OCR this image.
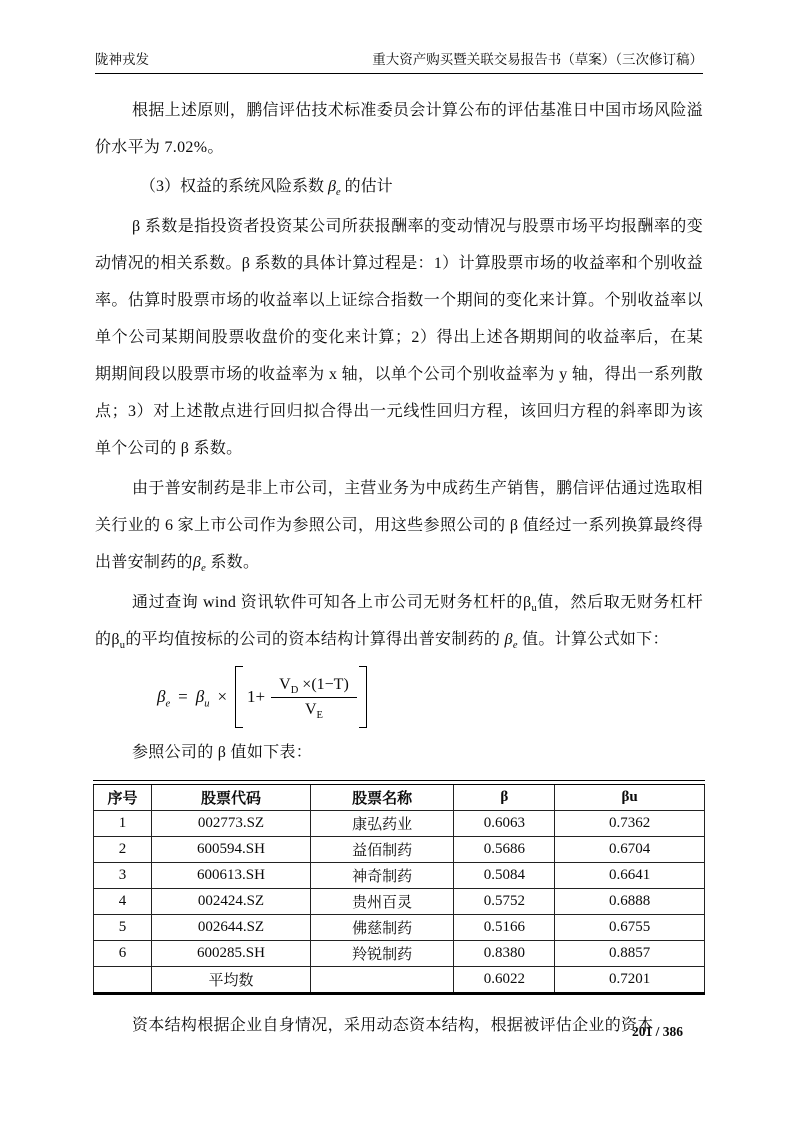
陇神戎发	重大资产购买暨关联交易报告书（草案）（三次修订稿）

根据上述原则，鹏信评估技术标准委员会计算公布的评估基准日中国市场风险溢价水平为 7.02%。

（3）权益的系统风险系数 $\beta_e$ 的估计

β 系数是指投资者投资某公司所获报酬率的变动情况与股票市场平均报酬率的变动情况的相关系数。β 系数的具体计算过程是：1）计算股票市场的收益率和个别收益率。估算时股票市场的收益率以上证综合指数一个期间的变化来计算。个别收益率以单个公司某期间股票收盘价的变化来计算；2）得出上述各期期间的收益率后，在某期期间段以股票市场的收益率为 x 轴，以单个公司个别收益率为 y 轴，得出一系列散点；3）对上述散点进行回归拟合得出一元线性回归方程，该回归方程的斜率即为该单个公司的 β 系数。

由于普安制药是非上市公司，主营业务为中成药生产销售，鹏信评估通过选取相关行业的 6 家上市公司作为参照公司，用这些参照公司的 β 值经过一系列换算最终得出普安制药的$\beta_e$ 系数。

通过查询 wind 资讯软件可知各上市公司无财务杠杆的$\beta_u$值，然后取无财务杠杆的$\beta_u$的平均值按标的公司的资本结构计算得出普安制药的 $\beta_e$ 值。计算公式如下：

$\beta_e = \beta_u \times 1+ \frac{V_D \times(1-T)}{V_E}$

参照公司的 β 值如下表：

序号	股票代码	股票名称	β	βu
1	002773.SZ	康弘药业	0.6063	0.7362
2	600594.SH	益佰制药	0.5686	0.6704
3	600613.SH	神奇制药	0.5084	0.6641
4	002424.SZ	贵州百灵	0.5752	0.6888
5	002644.SZ	佛慈制药	0.5166	0.6755
6	600285.SH	羚锐制药	0.8380	0.8857
	平均数		0.6022	0.7201

资本结构根据企业自身情况，采用动态资本结构，根据被评估企业的资本

201 / 386
